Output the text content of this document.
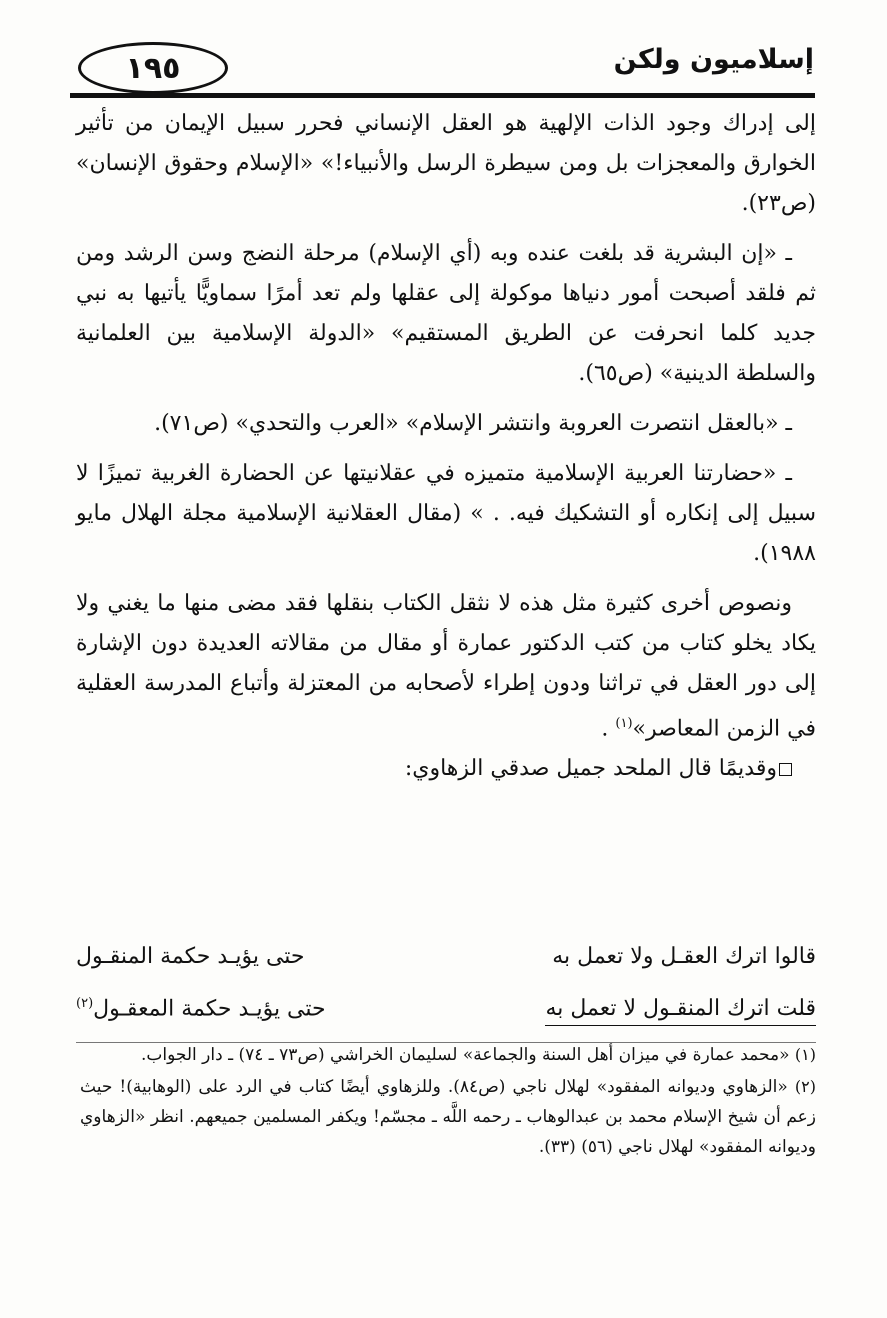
١٩٥	إسلاميون ولكن

إلى إدراك وجود الذات الإلهية هو العقل الإنساني فحرر سبيل الإيمان من تأثير الخوارق والمعجزات بل ومن سيطرة الرسل والأنبياء!» «الإسلام وحقوق الإنسان» (ص٢٣).

ـ «إن البشرية قد بلغت عنده وبه (أي الإسلام) مرحلة النضج وسن الرشد ومن ثم فلقد أصبحت أمور دنياها موكولة إلى عقلها ولم تعد أمرًا سماويًّا يأتيها به نبي جديد كلما انحرفت عن الطريق المستقيم» «الدولة الإسلامية بين العلمانية والسلطة الدينية» (ص٦٥).

ـ «بالعقل انتصرت العروبة وانتشر الإسلام» «العرب والتحدي» (ص٧١).

ـ «حضارتنا العربية الإسلامية متميزه في عقلانيتها عن الحضارة الغربية تميزًا لا سبيل إلى إنكاره أو التشكيك فيه. . » (مقال العقلانية الإسلامية مجلة الهلال مايو ١٩٨٨).

ونصوص أخرى كثيرة مثل هذه لا نثقل الكتاب بنقلها فقد مضى منها ما يغني ولا يكاد يخلو كتاب من كتب الدكتور عمارة أو مقال من مقالاته العديدة دون الإشارة إلى دور العقل في تراثنا ودون إطراء لأصحابه من المعتزلة وأتباع المدرسة العقلية في الزمن المعاصر»$^{(١)}$ .

وقديمًا قال الملحد جميل صدقي الزهاوي:

قالوا اترك العقـل ولا تعمل به
حتى يؤيـد حكمة المنقـول
قلت اترك المنقـول لا تعمل به
حتى يؤيـد حكمة المعقـول$^{(٢)}$

(١) «محمد عمارة في ميزان أهل السنة والجماعة» لسليمان الخراشي (ص٧٣ ـ ٧٤) ـ دار الجواب.

(٢) «الزهاوي وديوانه المفقود» لهلال ناجي (ص٨٤). وللزهاوي أيضًا كتاب في الرد على (الوهابية)! حيث زعم أن شيخ الإسلام محمد بن عبدالوهاب ـ رحمه اللَّه ـ مجسّم! ويكفر المسلمين جميعهم. انظر «الزهاوي وديوانه المفقود» لهلال ناجي (٥٦) (٣٣).
